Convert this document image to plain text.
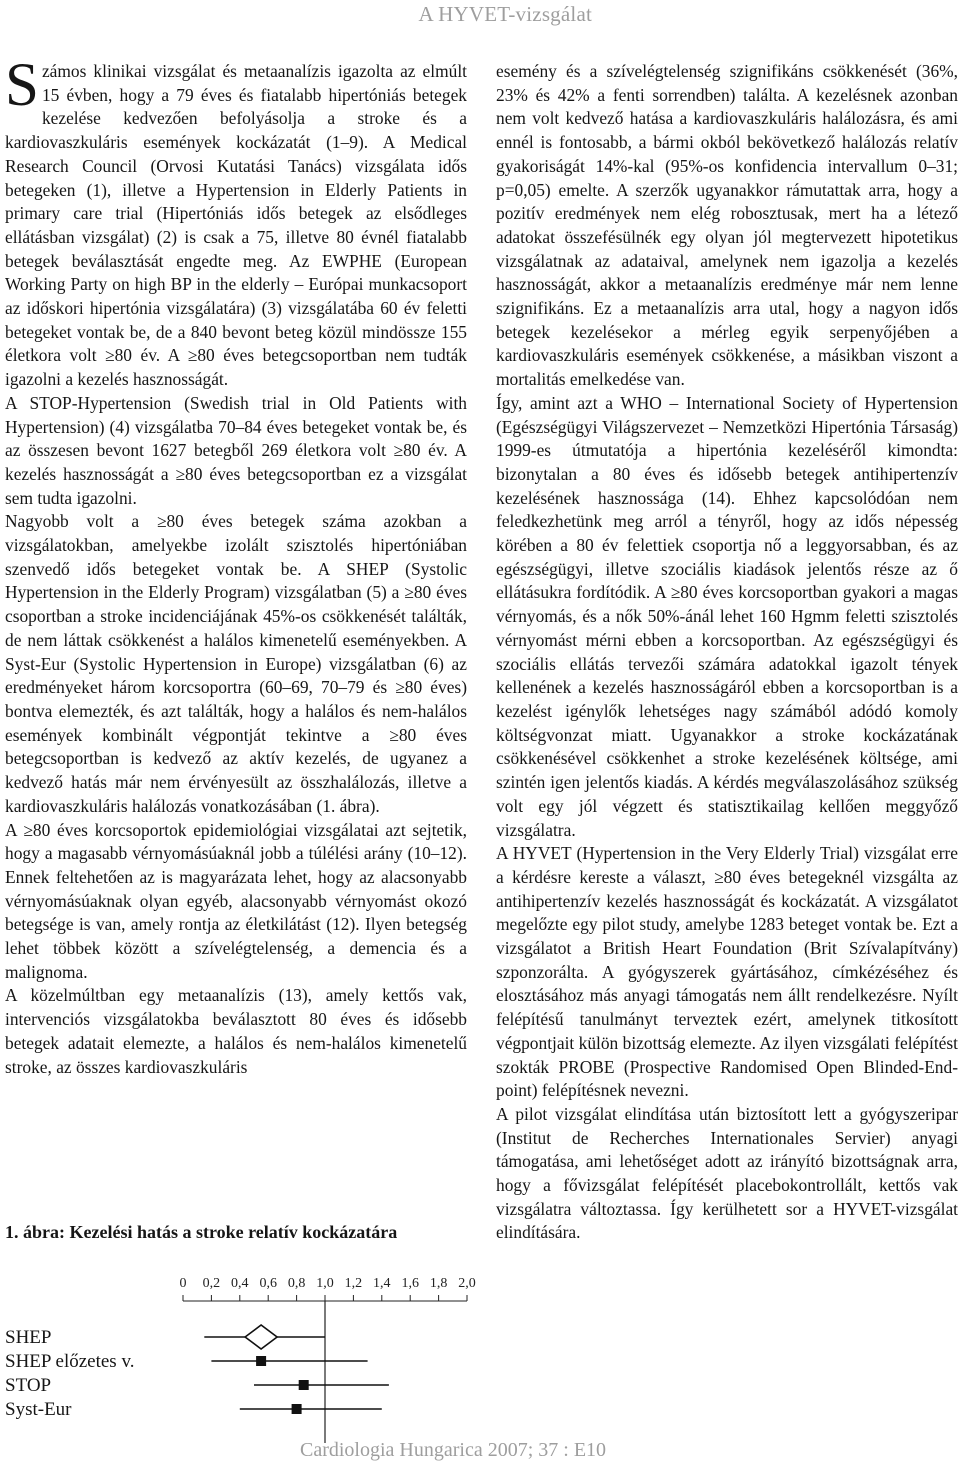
A HYVET-vizsgálat

Számos klinikai vizsgálat és metaanalízis igazolta az elmúlt 15 évben, hogy a 79 éves és fiatalabb hipertóniás betegek kezelése kedvezően befolyásolja a stroke és a kardiovaszkuláris események kockázatát (1–9). A Medical Research Council (Orvosi Kutatási Tanács) vizsgálata idős betegeken (1), illetve a Hypertension in Elderly Patients in primary care trial (Hipertóniás idős betegek az elsődleges ellátásban vizsgálat) (2) is csak a 75, illetve 80 évnél fiatalabb betegek beválasztását engedte meg. Az EWPHE (European Working Party on high BP in the elderly – Európai munkacsoport az időskori hipertónia vizsgálatára) (3) vizsgálatába 60 év feletti betegeket vontak be, de a 840 bevont beteg közül mindössze 155 életkora volt ≥80 év. A ≥80 éves betegcsoportban nem tudták igazolni a kezelés hasznosságát.

A STOP-Hypertension (Swedish trial in Old Patients with Hypertension) (4) vizsgálatba 70–84 éves betegeket vontak be, és az összesen bevont 1627 betegből 269 életkora volt ≥80 év. A kezelés hasznosságát a ≥80 éves betegcsoportban ez a vizsgálat sem tudta igazolni.

Nagyobb volt a ≥80 éves betegek száma azokban a vizsgálatokban, amelyekbe izolált szisztolés hipertóniában szenvedő idős betegeket vontak be. A SHEP (Systolic Hypertension in the Elderly Program) vizsgálatban (5) a ≥80 éves csoportban a stroke incidenciájának 45%-os csökkenését találták, de nem láttak csökkenést a halálos kimenetelű eseményekben. A Syst-Eur (Systolic Hypertension in Europe) vizsgálatban (6) az eredményeket három korcsoportra (60–69, 70–79 és ≥80 éves) bontva elemezték, és azt találták, hogy a halálos és nem-halálos események kombinált végpontját tekintve a ≥80 éves betegcsoportban is kedvező az aktív kezelés, de ugyanez a kedvező hatás már nem érvényesült az összhalálozás, illetve a kardiovaszkuláris halálozás vonatkozásában (1. ábra).

A ≥80 éves korcsoportok epidemiológiai vizsgálatai azt sejtetik, hogy a magasabb vérnyomásúaknál jobb a túlélési arány (10–12). Ennek feltehetően az is magyarázata lehet, hogy az alacsonyabb vérnyomásúaknak olyan egyéb, alacsonyabb vérnyomást okozó betegsége is van, amely rontja az életkilátást (12). Ilyen betegség lehet többek között a szívelégtelenség, a demencia és a malignoma.

A közelmúltban egy metaanalízis (13), amely kettős vak, intervenciós vizsgálatokba beválasztott 80 éves és idősebb betegek adatait elemezte, a halálos és nem-halálos kimenetelű stroke, az összes kardiovaszkuláris

1. ábra: Kezelési hatás a stroke relatív kockázatára

0 0,2 0,4 0,6 0,8 1,0 1,2 1,4 1,6 1,8 2,0
SHEP
SHEP előzetes v.
STOP
Syst-Eur

esemény és a szívelégtelenség szignifikáns csökkenését (36%, 23% és 42% a fenti sorrendben) találta. A kezelésnek azonban nem volt kedvező hatása a kardiovaszkuláris halálozásra, és ami ennél is fontosabb, a bármi okból bekövetkező halálozás relatív gyakoriságát 14%-kal (95%-os konfidencia intervallum 0–31; p=0,05) emelte. A szerzők ugyanakkor rámutattak arra, hogy a pozitív eredmények nem elég robosztusak, mert ha a létező adatokat összefésülnék egy olyan jól megtervezett hipotetikus vizsgálatnak az adataival, amelynek nem igazolja a kezelés hasznosságát, akkor a metaanalízis eredménye már nem lenne szignifikáns. Ez a metaanalízis arra utal, hogy a nagyon idős betegek kezelésekor a mérleg egyik serpenyőjében a kardiovaszkuláris események csökkenése, a másikban viszont a mortalitás emelkedése van.

Így, amint azt a WHO – International Society of Hypertension (Egészségügyi Világszervezet – Nemzetközi Hipertónia Társaság) 1999-es útmutatója a hipertónia kezeléséről kimondta: bizonytalan a 80 éves és idősebb betegek antihipertenzív kezelésének hasznossága (14). Ehhez kapcsolódóan nem feledkezhetünk meg arról a tényről, hogy az idős népesség körében a 80 év felettiek csoportja nő a leggyorsabban, és az egészségügyi, illetve szociális kiadások jelentős része az ő ellátásukra fordítódik. A ≥80 éves korcsoportban gyakori a magas vérnyomás, és a nők 50%-ánál lehet 160 Hgmm feletti szisztolés vérnyomást mérni ebben a korcsoportban. Az egészségügyi és szociális ellátás tervezői számára adatokkal igazolt tények kellenének a kezelés hasznosságáról ebben a korcsoportban is a kezelést igénylők lehetséges nagy számából adódó komoly költségvonzat miatt. Ugyanakkor a stroke kockázatának csökkenésével csökkenhet a stroke kezelésének költsége, ami szintén igen jelentős kiadás. A kérdés megválaszolásához szükség volt egy jól végzett és statisztikailag kellően meggyőző vizsgálatra.

A HYVET (Hypertension in the Very Elderly Trial) vizsgálat erre a kérdésre kereste a választ, ≥80 éves betegeknél vizsgálta az antihipertenzív kezelés hasznosságát és kockázatát. A vizsgálatot megelőzte egy pilot study, amelybe 1283 beteget vontak be. Ezt a vizsgálatot a British Heart Foundation (Brit Szívalapítvány) szponzorálta. A gyógyszerek gyártásához, címkézéséhez és elosztásához más anyagi támogatás nem állt rendelkezésre. Nyílt felépítésű tanulmányt terveztek ezért, amelynek titkosított végpontjait külön bizottság elemezte. Az ilyen vizsgálati felépítést szokták PROBE (Prospective Randomised Open Blinded-End-point) felépítésnek nevezni.

A pilot vizsgálat elindítása után biztosított lett a gyógyszeripar (Institut de Recherches Internationales Servier) anyagi támogatása, ami lehetőséget adott az irányító bizottságnak arra, hogy a fővizsgálat felépítését placebokontrollált, kettős vak vizsgálatra változtassa. Így kerülhetett sor a HYVET-vizsgálat elindítására.

Cardiologia Hungarica 2007; 37 : E10
